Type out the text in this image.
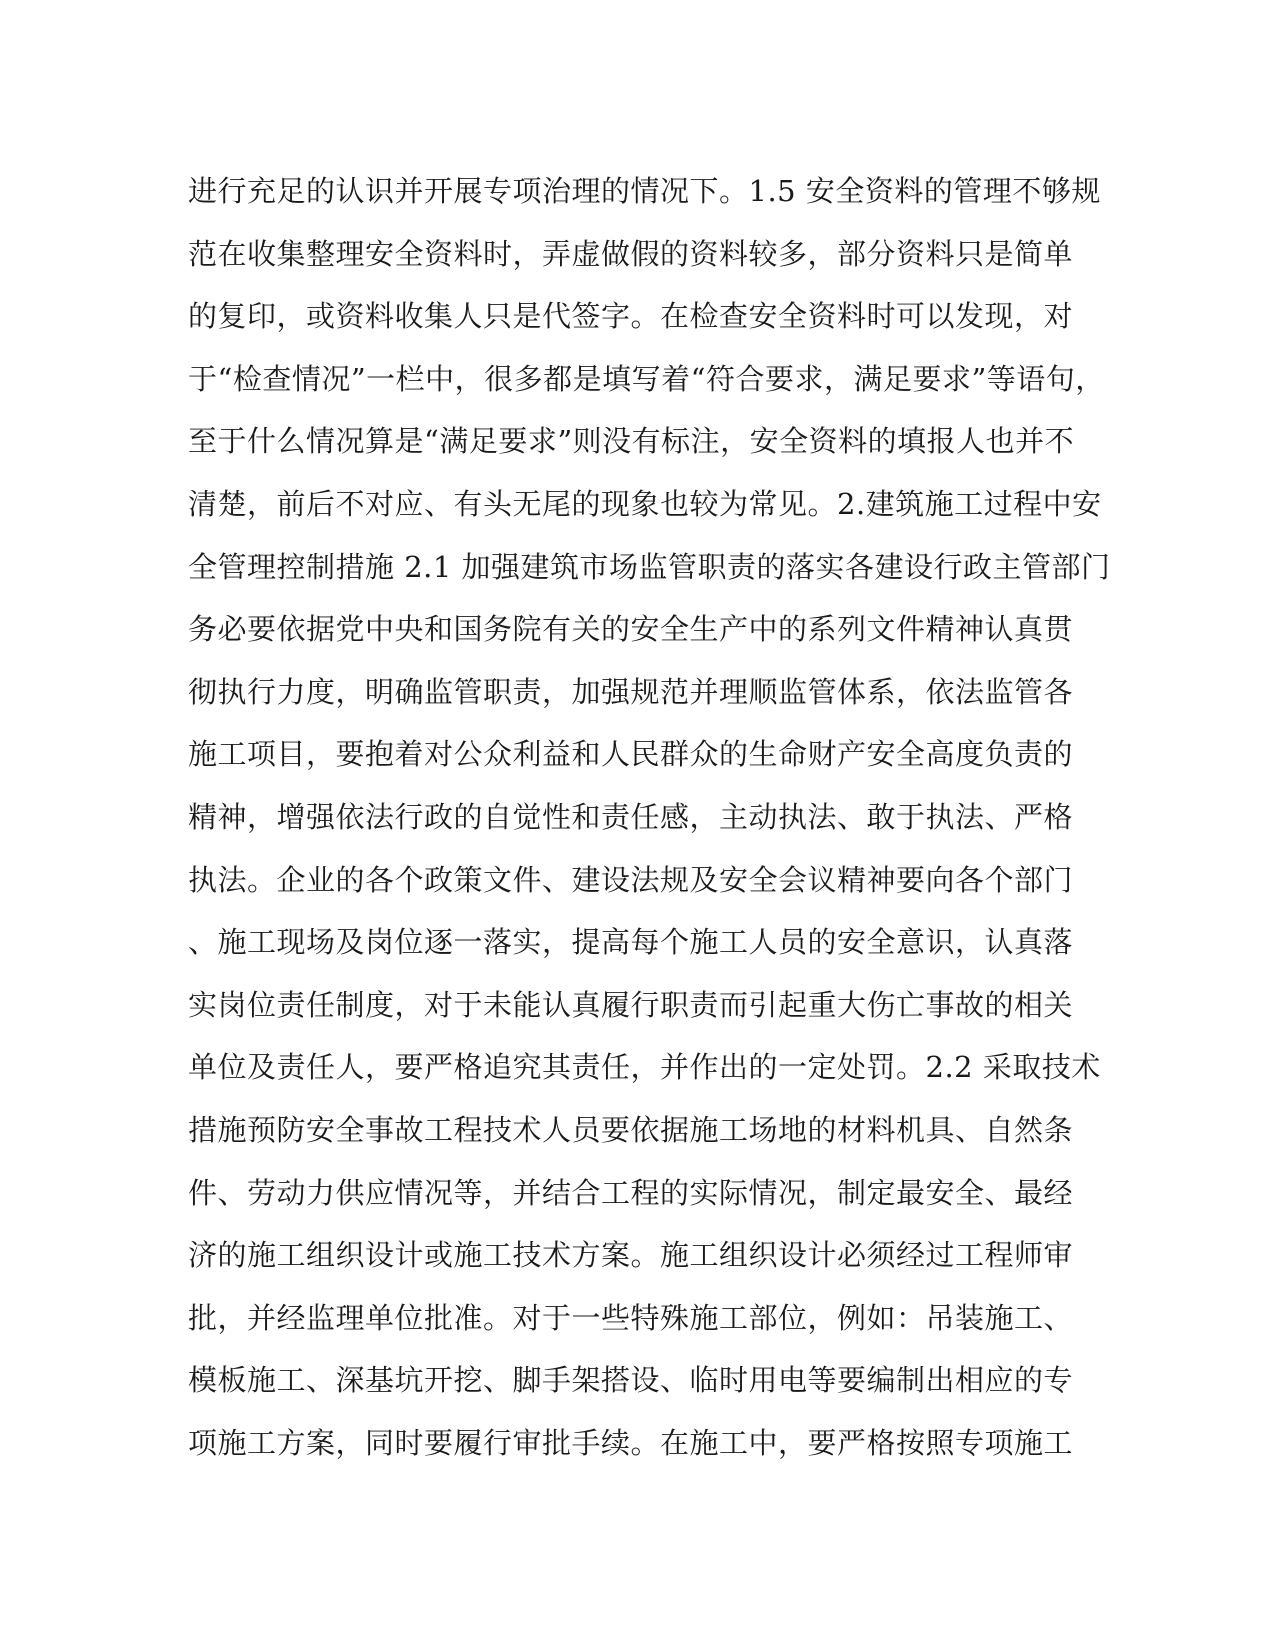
进行充足的认识并开展专项治理的情况下。1.5 安全资料的管理不够规
范在收集整理安全资料时，弄虚做假的资料较多，部分资料只是简单
的复印，或资料收集人只是代签字。在检查安全资料时可以发现，对
于“检查情况”一栏中，很多都是填写着“符合要求，满足要求”等语句，
至于什么情况算是“满足要求”则没有标注，安全资料的填报人也并不
清楚，前后不对应、有头无尾的现象也较为常见。2.建筑施工过程中安
全管理控制措施 2.1 加强建筑市场监管职责的落实各建设行政主管部门
务必要依据党中央和国务院有关的安全生产中的系列文件精神认真贯
彻执行力度，明确监管职责，加强规范并理顺监管体系，依法监管各
施工项目，要抱着对公众利益和人民群众的生命财产安全高度负责的
精神，增强依法行政的自觉性和责任感，主动执法、敢于执法、严格
执法。企业的各个政策文件、建设法规及安全会议精神要向各个部门
、施工现场及岗位逐一落实，提高每个施工人员的安全意识，认真落
实岗位责任制度，对于未能认真履行职责而引起重大伤亡事故的相关
单位及责任人，要严格追究其责任，并作出的一定处罚。2.2 采取技术
措施预防安全事故工程技术人员要依据施工场地的材料机具、自然条
件、劳动力供应情况等，并结合工程的实际情况，制定最安全、最经
济的施工组织设计或施工技术方案。施工组织设计必须经过工程师审
批，并经监理单位批准。对于一些特殊施工部位，例如：吊装施工、
模板施工、深基坑开挖、脚手架搭设、临时用电等要编制出相应的专
项施工方案，同时要履行审批手续。在施工中，要严格按照专项施工
